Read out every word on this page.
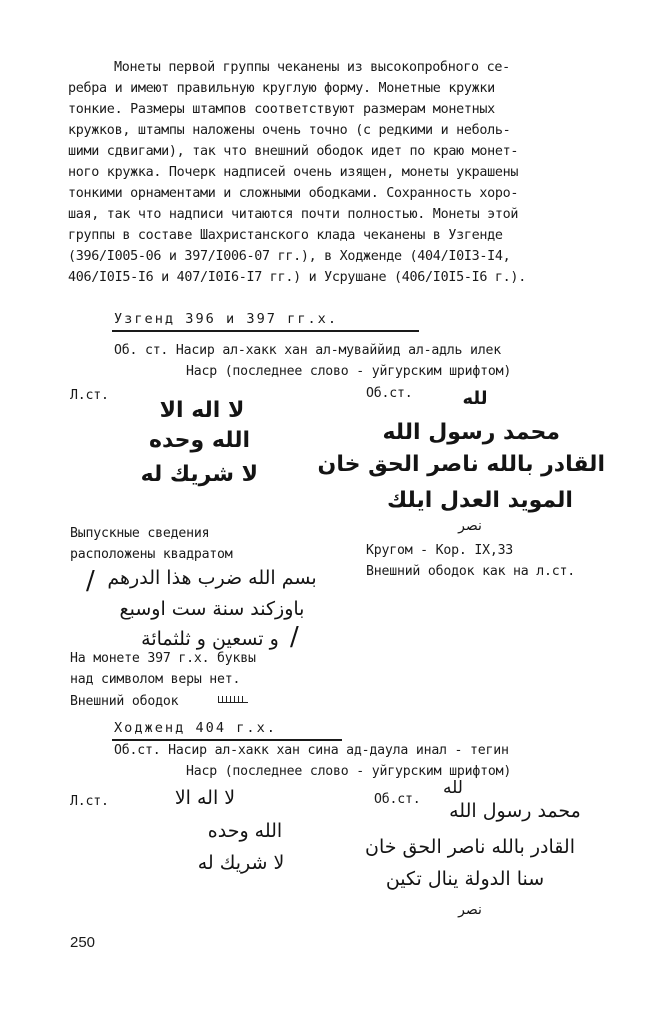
Монеты первой группы чеканены из высокопробного се-
ребра и имеют правильную круглую форму. Монетные кружки
тонкие. Размеры штампов соответствуют размерам монетных
кружков, штампы наложены очень точно (с редкими и неболь-
шими сдвигами), так что внешний ободок идет по краю монет-
ного кружка. Почерк надписей очень изящен, монеты украшены
тонкими орнаментами и сложными ободками. Сохранность хоро-
шая, так что надписи читаются почти полностью. Монеты этой
группы в составе Шахристанского клада чеканены в Узгенде
(396/I005-06 и 397/I006-07 гг.), в Ходженде (404/I0I3-I4,
406/I0I5-I6 и 407/I0I6-I7 гг.) и Усрушане (406/I0I5-I6 г.).
Узгенд 396 и 397 гг.х.
Об. ст. Насир ал-хакк хан ал-муваййид ал-адль илек
Наср (последнее слово - уйгурским шрифтом)
Л.ст.	Об.ст.
لا اله الا
الله وحده
لا شريك له
لله
محمد رسول الله
القادر بالله ناصر الحق خان
المويد العدل ايلك
نصر
Выпускные сведения
расположены квадратом	Кругом - Кор. IX,33
Внешний ободок как на л.ст.
بسم الله ضرب هذا الدرهم
باوزكند سنة ست اوسبع
و تسعين و ثلثمائة
/
/
На монете 397 г.х. буквы
над символом веры нет.
Внешний ободок
Ходженд 404 г.х.
Об.ст. Насир ал-хакк хан сина ад-даула инал - тегин
Наср (последнее слово - уйгурским шрифтом)
Л.ст.	Об.ст.
لا اله الا
الله وحده
لا شريك له
لله
محمد رسول الله
القادر بالله ناصر الحق خان
سنا الدولة ينال تكين
نصر
250
